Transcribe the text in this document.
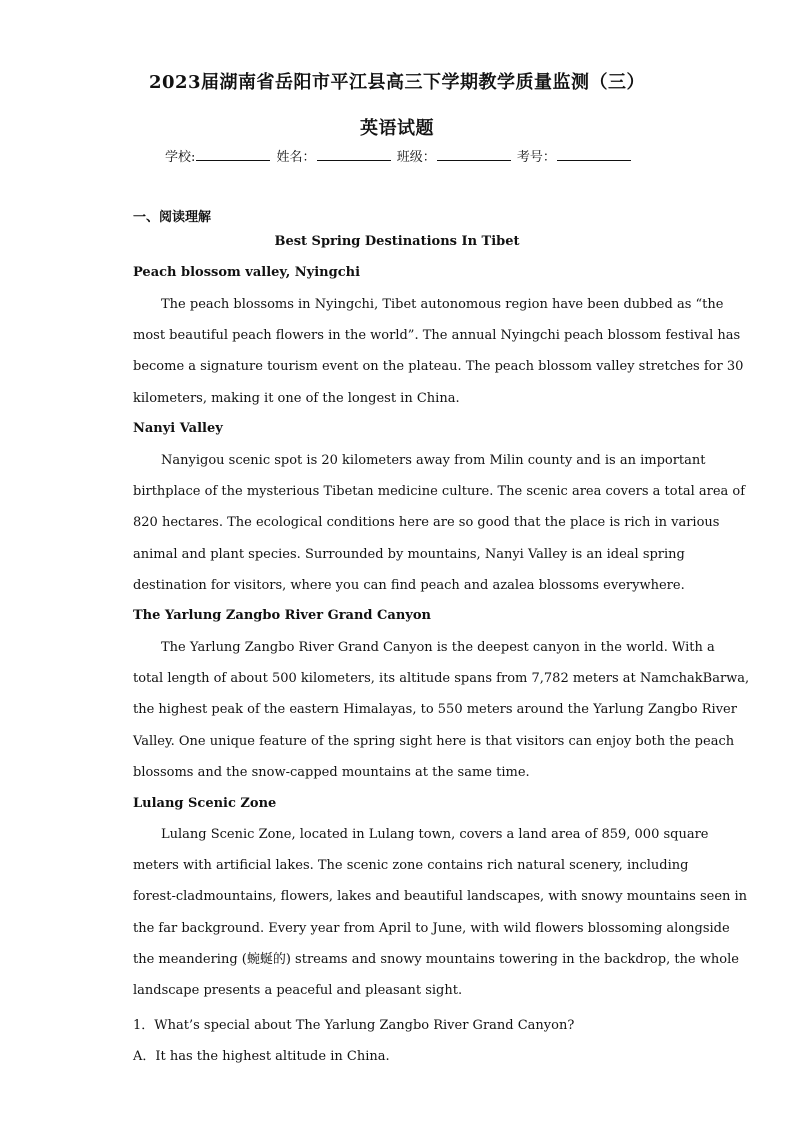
2023届湖南省岳阳市平江县高三下学期教学质量监测（三）
英语试题
学校:	姓名：	班级：	考号：
一、阅读理解
Best Spring Destinations In Tibet
Peach blossom valley, Nyingchi
The peach blossoms in Nyingchi, Tibet autonomous region have been dubbed as “the
most beautiful peach flowers in the world”. The annual Nyingchi peach blossom festival has
become a signature tourism event on the plateau. The peach blossom valley stretches for 30
kilometers, making it one of the longest in China.
Nanyi Valley
Nanyigou scenic spot is 20 kilometers away from Milin county and is an important
birthplace of the mysterious Tibetan medicine culture. The scenic area covers a total area of
820 hectares. The ecological conditions here are so good that the place is rich in various
animal and plant species. Surrounded by mountains, Nanyi Valley is an ideal spring
destination for visitors, where you can find peach and azalea blossoms everywhere.
The Yarlung Zangbo River Grand Canyon
The Yarlung Zangbo River Grand Canyon is the deepest canyon in the world. With a
total length of about 500 kilometers, its altitude spans from 7,782 meters at NamchakBarwa,
the highest peak of the eastern Himalayas, to 550 meters around the Yarlung Zangbo River
Valley. One unique feature of the spring sight here is that visitors can enjoy both the peach
blossoms and the snow-capped mountains at the same time.
Lulang Scenic Zone
Lulang Scenic Zone, located in Lulang town, covers a land area of 859, 000 square
meters with artificial lakes. The scenic zone contains rich natural scenery, including
forest-cladmountains, flowers, lakes and beautiful landscapes, with snowy mountains seen in
the far background. Every year from April to June, with wild flowers blossoming alongside
the meandering (蜿蜒的) streams and snowy mountains towering in the backdrop, the whole
landscape presents a peaceful and pleasant sight.
1．What’s special about The Yarlung Zangbo River Grand Canyon?
A．It has the highest altitude in China.
